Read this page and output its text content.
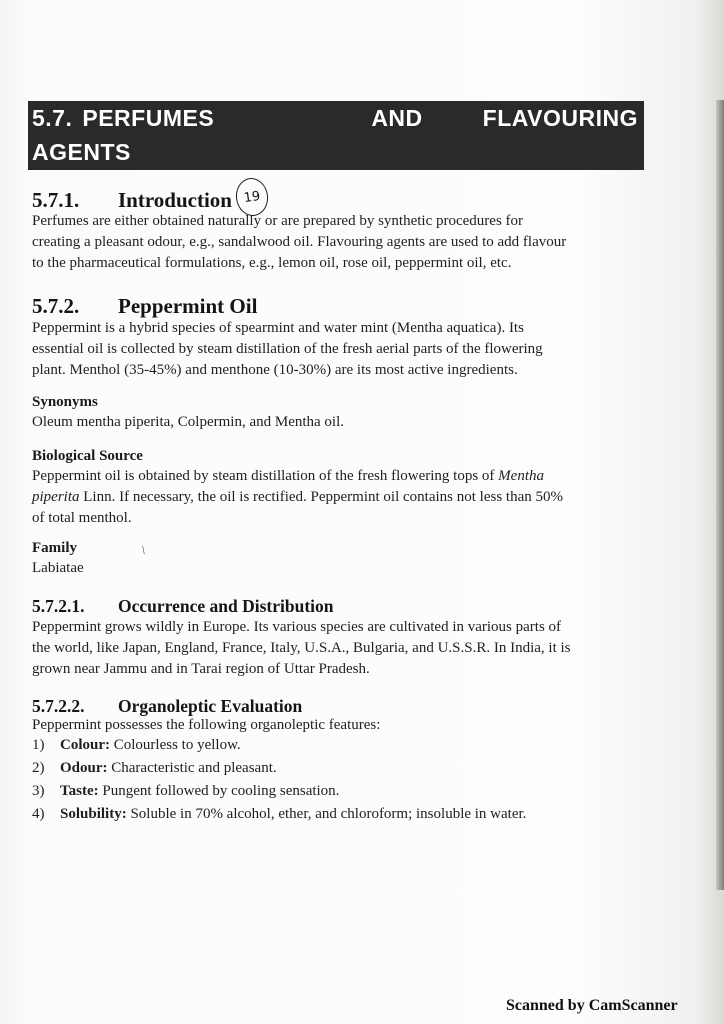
5.7. PERFUMES	AND	FLAVOURING
AGENTS
5.7.1. Introduction 19

Perfumes are either obtained naturally or are prepared by synthetic procedures for
creating a pleasant odour, e.g., sandalwood oil. Flavouring agents are used to add flavour
to the pharmaceutical formulations, e.g., lemon oil, rose oil, peppermint oil, etc.

5.7.2. Peppermint Oil

Peppermint is a hybrid species of spearmint and water mint (Mentha aquatica). Its
essential oil is collected by steam distillation of the fresh aerial parts of the flowering
plant. Menthol (35-45%) and menthone (10-30%) are its most active ingredients.

Synonyms

Oleum mentha piperita, Colpermin, and Mentha oil.

Biological Source

Peppermint oil is obtained by steam distillation of the fresh flowering tops of Mentha
piperita Linn. If necessary, the oil is rectified. Peppermint oil contains not less than 50%
of total menthol.

Family	/

Labiatae

5.7.2.1. Occurrence and Distribution

Peppermint grows wildly in Europe. Its various species are cultivated in various parts of
the world, like Japan, England, France, Italy, U.S.A., Bulgaria, and U.S.S.R. In India, it is
grown near Jammu and in Tarai region of Uttar Pradesh.

5.7.2.2. Organoleptic Evaluation

Peppermint possesses the following organoleptic features:

1) Colour: Colourless to yellow.
2) Odour: Characteristic and pleasant.
3) Taste: Pungent followed by cooling sensation.
4) Solubility: Soluble in 70% alcohol, ether, and chloroform; insoluble in water.
Scanned by CamScanner
